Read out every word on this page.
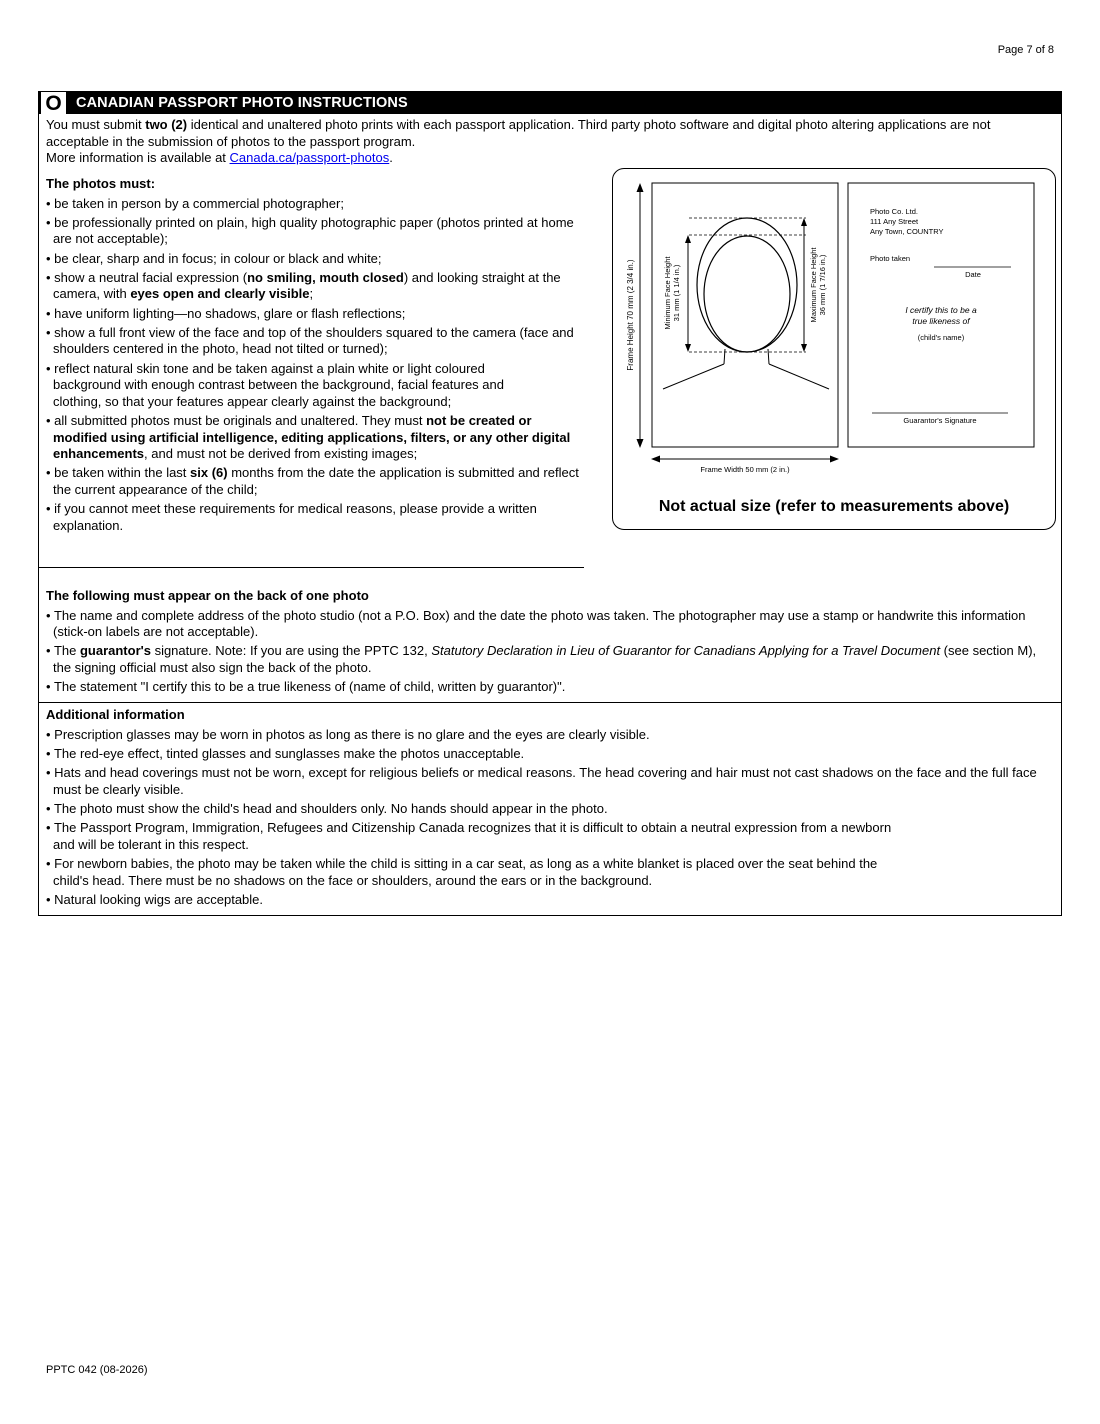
Page 7 of 8
O CANADIAN PASSPORT PHOTO INSTRUCTIONS
You must submit two (2) identical and unaltered photo prints with each passport application. Third party photo software and digital photo altering applications are not acceptable in the submission of photos to the passport program.
More information is available at Canada.ca/passport-photos.
The photos must:
• be taken in person by a commercial photographer;
• be professionally printed on plain, high quality photographic paper (photos printed at home are not acceptable);
• be clear, sharp and in focus; in colour or black and white;
• show a neutral facial expression (no smiling, mouth closed) and looking straight at the camera, with eyes open and clearly visible;
• have uniform lighting—no shadows, glare or flash reflections;
• show a full front view of the face and top of the shoulders squared to the camera (face and shoulders centered in the photo, head not tilted or turned);
• reflect natural skin tone and be taken against a plain white or light coloured background with enough contrast between the background, facial features and clothing, so that your features appear clearly against the background;
• all submitted photos must be originals and unaltered. They must not be created or modified using artificial intelligence, editing applications, filters, or any other digital enhancements, and must not be derived from existing images;
• be taken within the last six (6) months from the date the application is submitted and reflect the current appearance of the child;
• if you cannot meet these requirements for medical reasons, please provide a written explanation.
Frame Height 70 mm (2 3/4 in.)
Frame Width 50 mm (2 in.)
Minimum Face Height 31 mm (1 1/4 in.)	Maximum Face Height 36 mm (1 7/16 in.)
Photo Co. Ltd.
111 Any Street
Any Town, COUNTRY
Photo taken
Date
I certify this to be a
true likeness of
(child's name)
Guarantor's Signature
Not actual size (refer to measurements above)
The following must appear on the back of one photo
• The name and complete address of the photo studio (not a P.O. Box) and the date the photo was taken. The photographer may use a stamp or handwrite this information (stick-on labels are not acceptable).
• The guarantor's signature. Note: If you are using the PPTC 132, Statutory Declaration in Lieu of Guarantor for Canadians Applying for a Travel Document (see section M), the signing official must also sign the back of the photo.
• The statement "I certify this to be a true likeness of (name of child, written by guarantor)".
Additional information
• Prescription glasses may be worn in photos as long as there is no glare and the eyes are clearly visible.
• The red-eye effect, tinted glasses and sunglasses make the photos unacceptable.
• Hats and head coverings must not be worn, except for religious beliefs or medical reasons. The head covering and hair must not cast shadows on the face and the full face must be clearly visible.
• The photo must show the child's head and shoulders only. No hands should appear in the photo.
• The Passport Program, Immigration, Refugees and Citizenship Canada recognizes that it is difficult to obtain a neutral expression from a newborn and will be tolerant in this respect.
• For newborn babies, the photo may be taken while the child is sitting in a car seat, as long as a white blanket is placed over the seat behind the child's head. There must be no shadows on the face or shoulders, around the ears or in the background.
• Natural looking wigs are acceptable.
PPTC 042 (08-2026)
